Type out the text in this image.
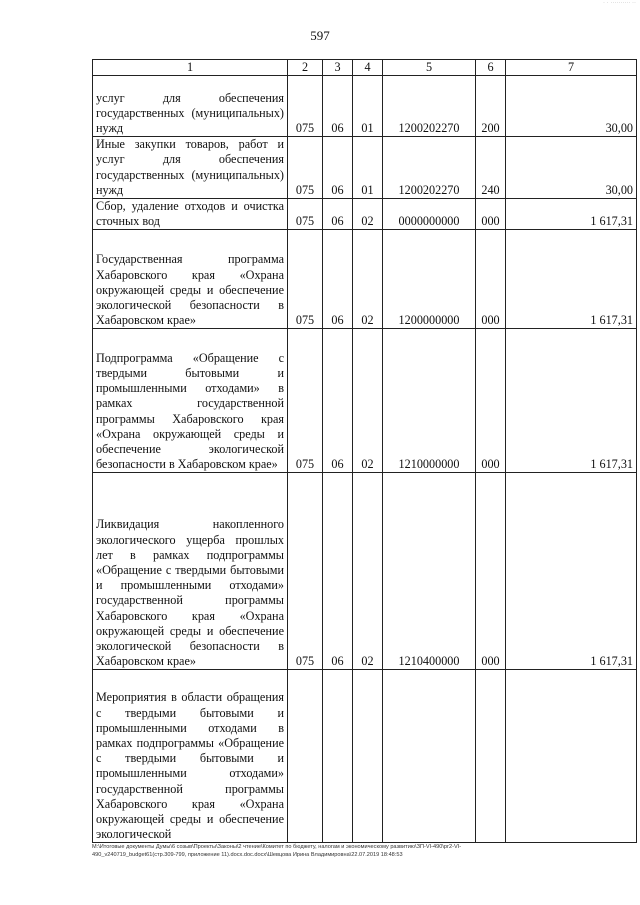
· · ·········· ··
597
1	2	3	4	5	6	7
услуг для обеспечения государственных (муниципальных) нужд	075	06	01	1200202270	200	30,00
Иные закупки товаров, работ и услуг для обеспечения государственных (муниципальных) нужд	075	06	01	1200202270	240	30,00
Сбор, удаление отходов и очистка сточных вод	075	06	02	0000000000	000	1 617,31
Государственная программа Хабаровского края «Охрана окружающей среды и обеспечение экологической безопасности в Хабаровском крае»	075	06	02	1200000000	000	1 617,31
Подпрограмма «Обращение с твердыми бытовыми и промышленными отходами» в рамках государственной программы Хабаровского края «Охрана окружающей среды и обеспечение экологической безопасности в Хабаровском крае»	075	06	02	1210000000	000	1 617,31
Ликвидация накопленного экологического ущерба прошлых лет в рамках подпрограммы «Обращение с твердыми бытовыми и промышленными отходами» государственной программы Хабаровского края «Охрана окружающей среды и обеспечение экологической безопасности в Хабаровском крае»	075	06	02	1210400000	000	1 617,31
Мероприятия в области обращения с твердыми бытовыми и промышленными отходами в рамках подпрограммы «Обращение с твердыми бытовыми и промышленными отходами» государственной программы Хабаровского края «Охрана окружающей среды и обеспечение экологической						
M:\Итоговые документы Думы\6 созыв\Проекты\Законы\2 чтение\Комитет по бюджету, налогам и экономическому развитию\ЗП-VI-490\рг2-VI-
490_v240719_budget61(стр.309-799, приложение 11).docx.doc.docx\Шевцова Ирина Владимировна\22.07.2019 18:48:53
